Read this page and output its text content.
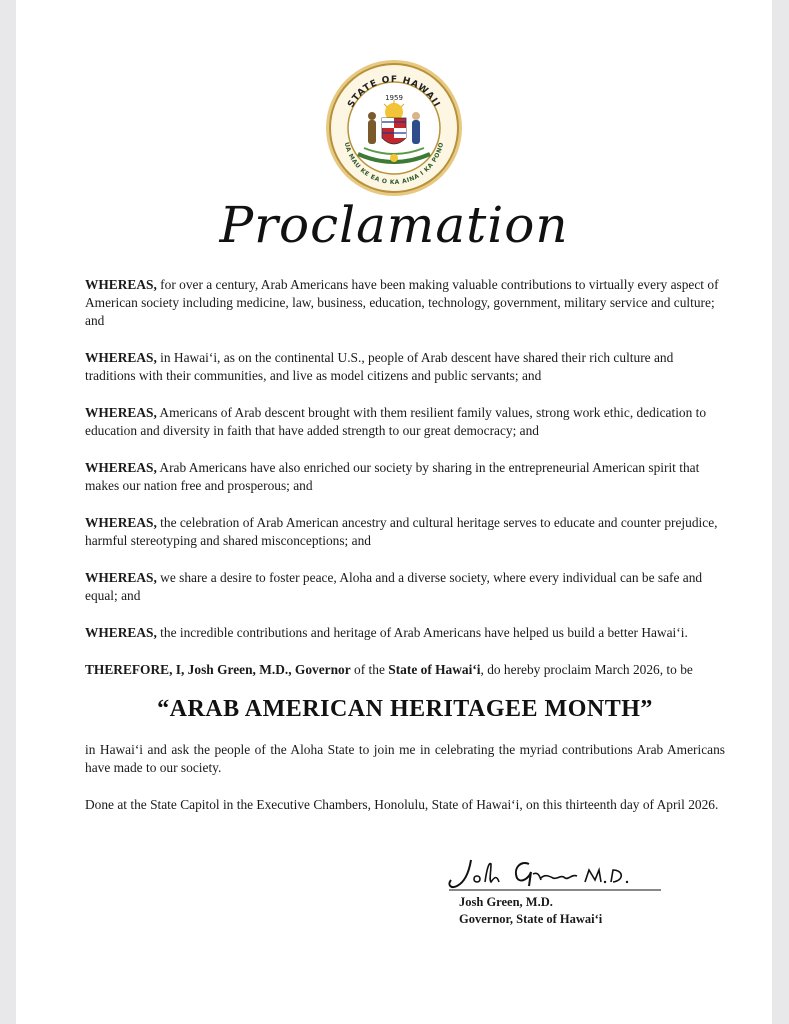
STATE OF HAWAII
UA MAU KE EA O KA AINA I KA PONO
1959
Proclamation

WHEREAS, for over a century, Arab Americans have been making valuable contributions to virtually every aspect of American society including medicine, law, business, education, technology, government, military service and culture; and

WHEREAS, in Hawaiʻi, as on the continental U.S., people of Arab descent have shared their rich culture and traditions with their communities, and live as model citizens and public servants; and

WHEREAS, Americans of Arab descent brought with them resilient family values, strong work ethic, dedication to education and diversity in faith that have added strength to our great democracy; and

WHEREAS, Arab Americans have also enriched our society by sharing in the entrepreneurial American spirit that makes our nation free and prosperous; and

WHEREAS, the celebration of Arab American ancestry and cultural heritage serves to educate and counter prejudice, harmful stereotyping and shared misconceptions; and

WHEREAS, we share a desire to foster peace, Aloha and a diverse society, where every individual can be safe and equal; and

WHEREAS, the incredible contributions and heritage of Arab Americans have helped us build a better Hawaiʻi.

THEREFORE, I, Josh Green, M.D., Governor of the State of Hawaiʻi, do hereby proclaim March 2026, to be

“ARAB AMERICAN HERITAGEE MONTH”

in Hawaiʻi and ask the people of the Aloha State to join me in celebrating the myriad contributions Arab Americans have made to our society.

Done at the State Capitol in the Executive Chambers, Honolulu, State of Hawaiʻi, on this thirteenth day of April 2026.

Josh Green, M.D.
Governor, State of Hawaiʻi
